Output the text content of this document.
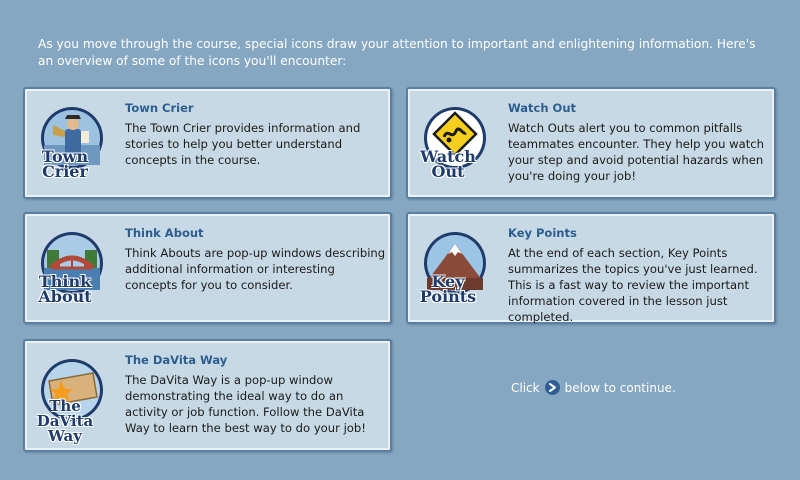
As you move through the course, special icons draw your attention to important and enlightening information. Here's an overview of some of the icons you'll encounter:
Town
Crier
Town Crier
The Town Crier provides information and stories to help you better understand concepts in the course.	Watch
Out
Watch Out
Watch Outs alert you to common pitfalls teammates encounter. They help you watch your step and avoid potential hazards when you're doing your job!
Think
About
Think About
Think Abouts are pop-up windows describing additional information or interesting concepts for you to consider.	Key
Points
Key Points
At the end of each section, Key Points summarizes the topics you've just learned. This is a fast way to review the important information covered in the lesson just completed.
The DaVita
Way
The DaVita Way
The DaVita Way is a pop-up window demonstrating the ideal way to do an activity or job function. Follow the DaVita Way to learn the best way to do your job!
Click below to continue.
